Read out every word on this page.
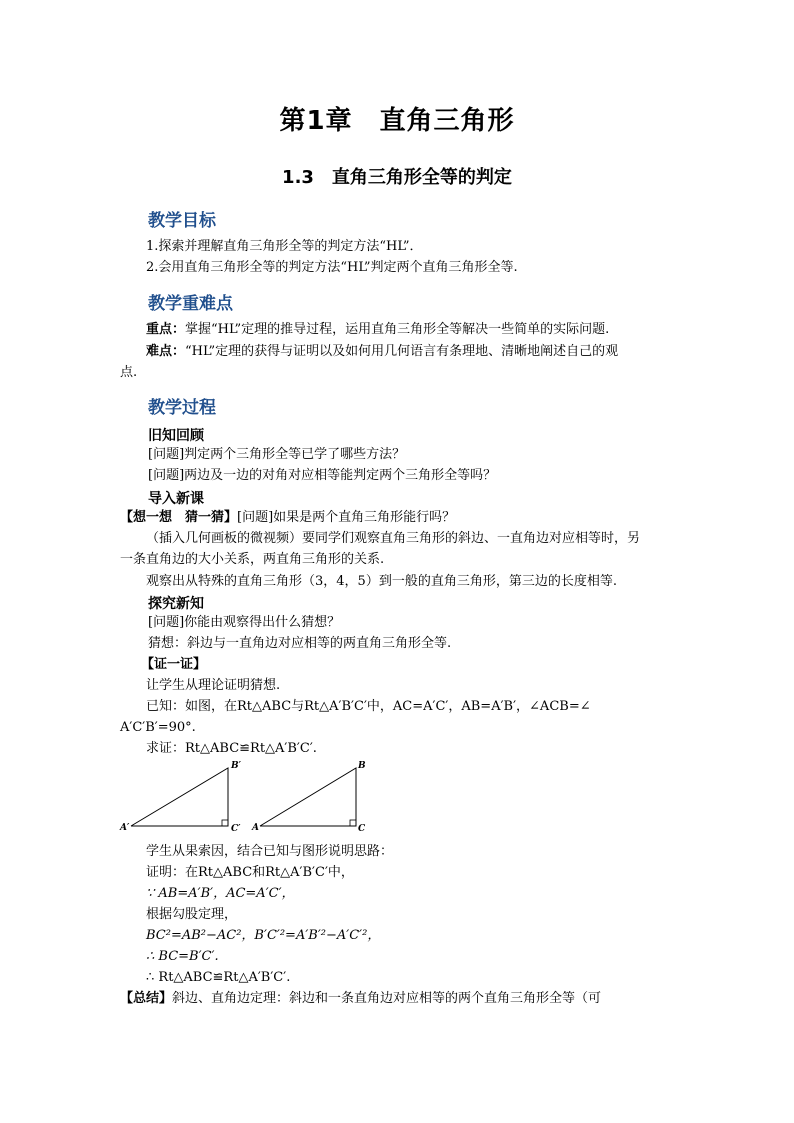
第1章　直角三角形
1.3　直角三角形全等的判定
教学目标
1.探索并理解直角三角形全等的判定方法“HL”．
2.会用直角三角形全等的判定方法“HL”判定两个直角三角形全等.
教学重难点
重点：掌握“HL”定理的推导过程，运用直角三角形全等解决一些简单的实际问题.
难点：“HL”定理的获得与证明以及如何用几何语言有条理地、清晰地阐述自己的观
点.
教学过程
旧知回顾
[问题]判定两个三角形全等已学了哪些方法？
[问题]两边及一边的对角对应相等能判定两个三角形全等吗？
导入新课
【想一想　猜一猜】[问题]如果是两个直角三角形能行吗？
（插入几何画板的微视频）要同学们观察直角三角形的斜边、一直角边对应相等时，另
一条直角边的大小关系，两直角三角形的关系.
观察出从特殊的直角三角形（3，4，5）到一般的直角三角形，第三边的长度相等.
探究新知
[问题]你能由观察得出什么猜想？
猜想：斜边与一直角边对应相等的两直角三角形全等.
【证一证】
让学生从理论证明猜想.
已知：如图，在Rt△ABC与Rt△A′B′C′中，AC=A′C′，AB=A′B′，∠ACB=∠
A′C′B′=90°.
求证：Rt△ABC≌Rt△A′B′C′.
A′
B′
C′ A
B
C
学生从果索因，结合已知与图形说明思路：
证明：在Rt△ABC和Rt△A′B′C′中，
∵ AB=A′B′，AC=A′C′，
根据勾股定理，
BC²=AB²−AC²，B′C′²=A′B′²−A′C′²，
∴ BC=B′C′.
∴ Rt△ABC≌Rt△A′B′C′.
【总结】斜边、直角边定理：斜边和一条直角边对应相等的两个直角三角形全等（可
